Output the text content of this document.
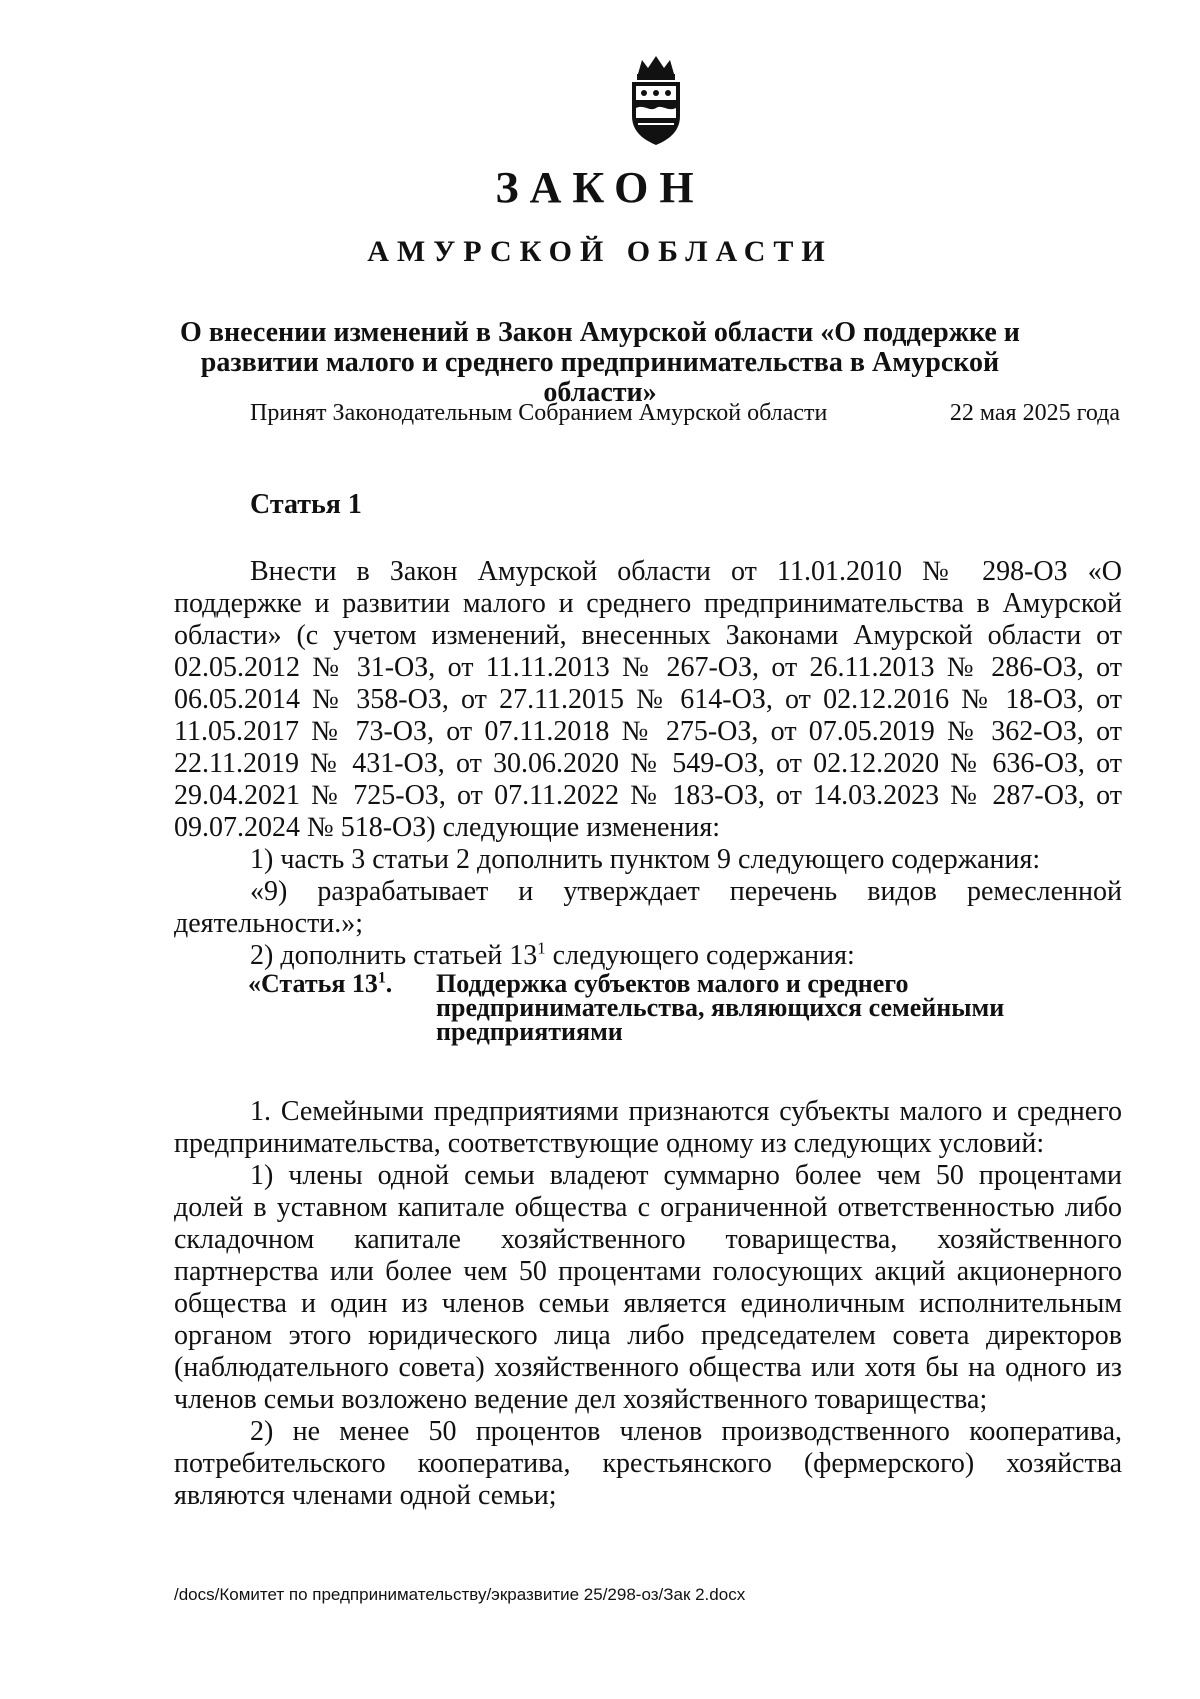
ЗАКОН
АМУРСКОЙ ОБЛАСТИ
О внесении изменений в Закон Амурской области «О поддержке и
развитии малого и среднего предпринимательства в Амурской области»
Принят Законодательным Собранием Амурской области	22 мая 2025 года
Статья 1

Внести в Закон Амурской области от 11.01.2010 № 298-ОЗ «О поддержке и развитии малого и среднего предпринимательства в Амурской области» (с учетом изменений, внесенных Законами Амурской области от 02.05.2012 № 31-ОЗ, от 11.11.2013 № 267-ОЗ, от 26.11.2013 № 286-ОЗ, от 06.05.2014 № 358-ОЗ, от 27.11.2015 № 614-ОЗ, от 02.12.2016 № 18-ОЗ, от 11.05.2017 № 73-ОЗ, от 07.11.2018 № 275-ОЗ, от 07.05.2019 № 362-ОЗ, от 22.11.2019 № 431-ОЗ, от 30.06.2020 № 549-ОЗ, от 02.12.2020 № 636-ОЗ, от 29.04.2021 № 725-ОЗ, от 07.11.2022 № 183-ОЗ, от 14.03.2023 № 287-ОЗ, от 09.07.2024 № 518-ОЗ) следующие изменения:

1) часть 3 статьи 2 дополнить пунктом 9 следующего содержания:

«9) разрабатывает и утверждает перечень видов ремесленной деятельности.»;

2) дополнить статьей $13^1$ следующего содержания:

«Статья $13^1$. Поддержка субъектов малого и среднего предпринимательства, являющихся семейными предприятиями

1. Семейными предприятиями признаются субъекты малого и среднего предпринимательства, соответствующие одному из следующих условий:

1) члены одной семьи владеют суммарно более чем 50 процентами долей в уставном капитале общества с ограниченной ответственностью либо складочном капитале хозяйственного товарищества, хозяйственного партнерства или более чем 50 процентами голосующих акций акционерного общества и один из членов семьи является единоличным исполнительным органом этого юридического лица либо председателем совета директоров (наблюдательного совета) хозяйственного общества или хотя бы на одного из членов семьи возложено ведение дел хозяйственного товарищества;

2) не менее 50 процентов членов производственного кооператива, потребительского кооператива, крестьянского (фермерского) хозяйства являются членами одной семьи;

/docs/Комитет по предпринимательству/экразвитие 25/298-оз/Зак 2.docx
